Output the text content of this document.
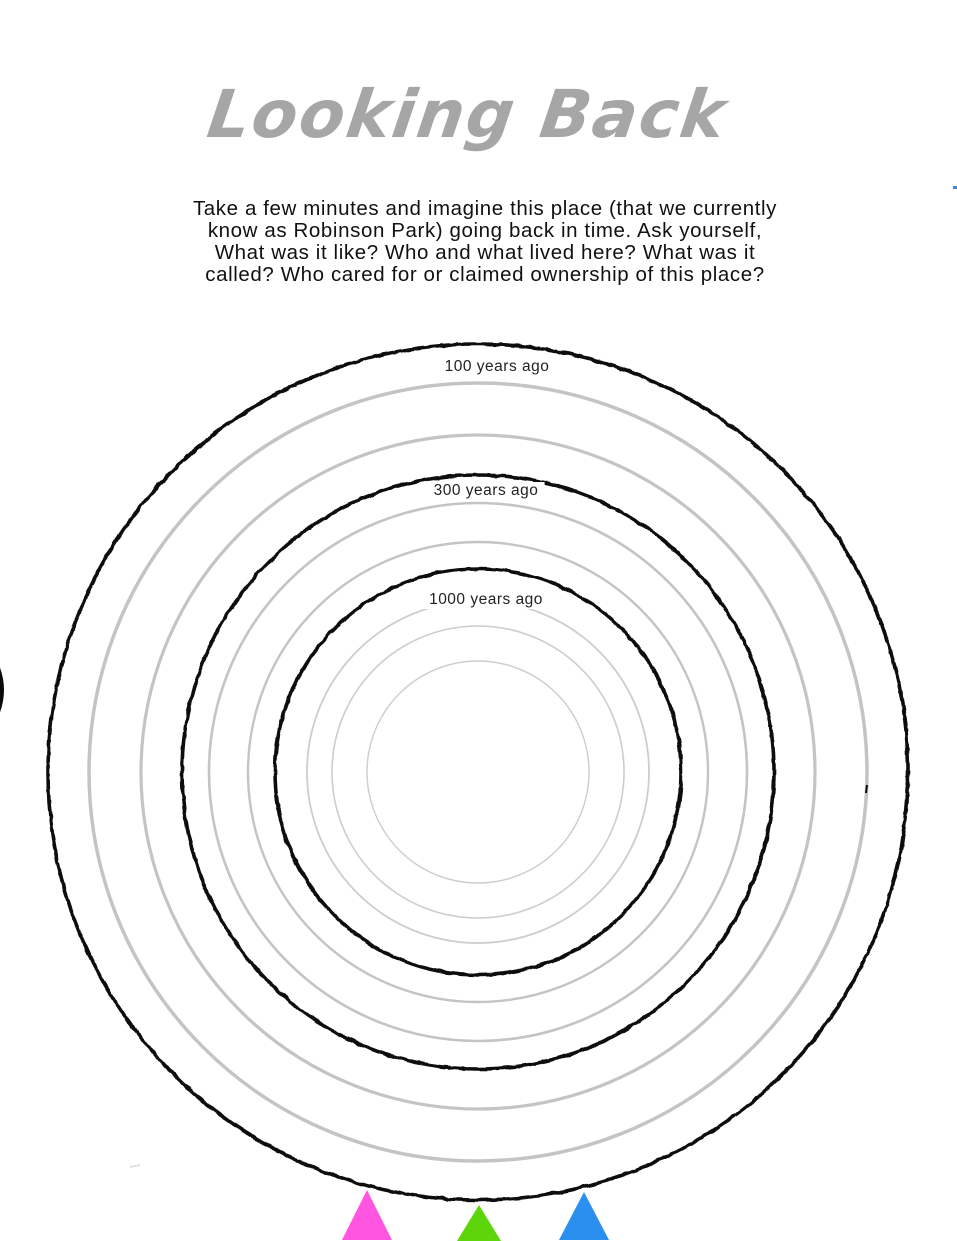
Looking Back
Take a few minutes and imagine this place (that we currently
know as Robinson Park) going back in time. Ask yourself,
What was it like? Who and what lived here? What was it
called? Who cared for or claimed ownership of this place?
100 years ago
300 years ago
1000 years ago
